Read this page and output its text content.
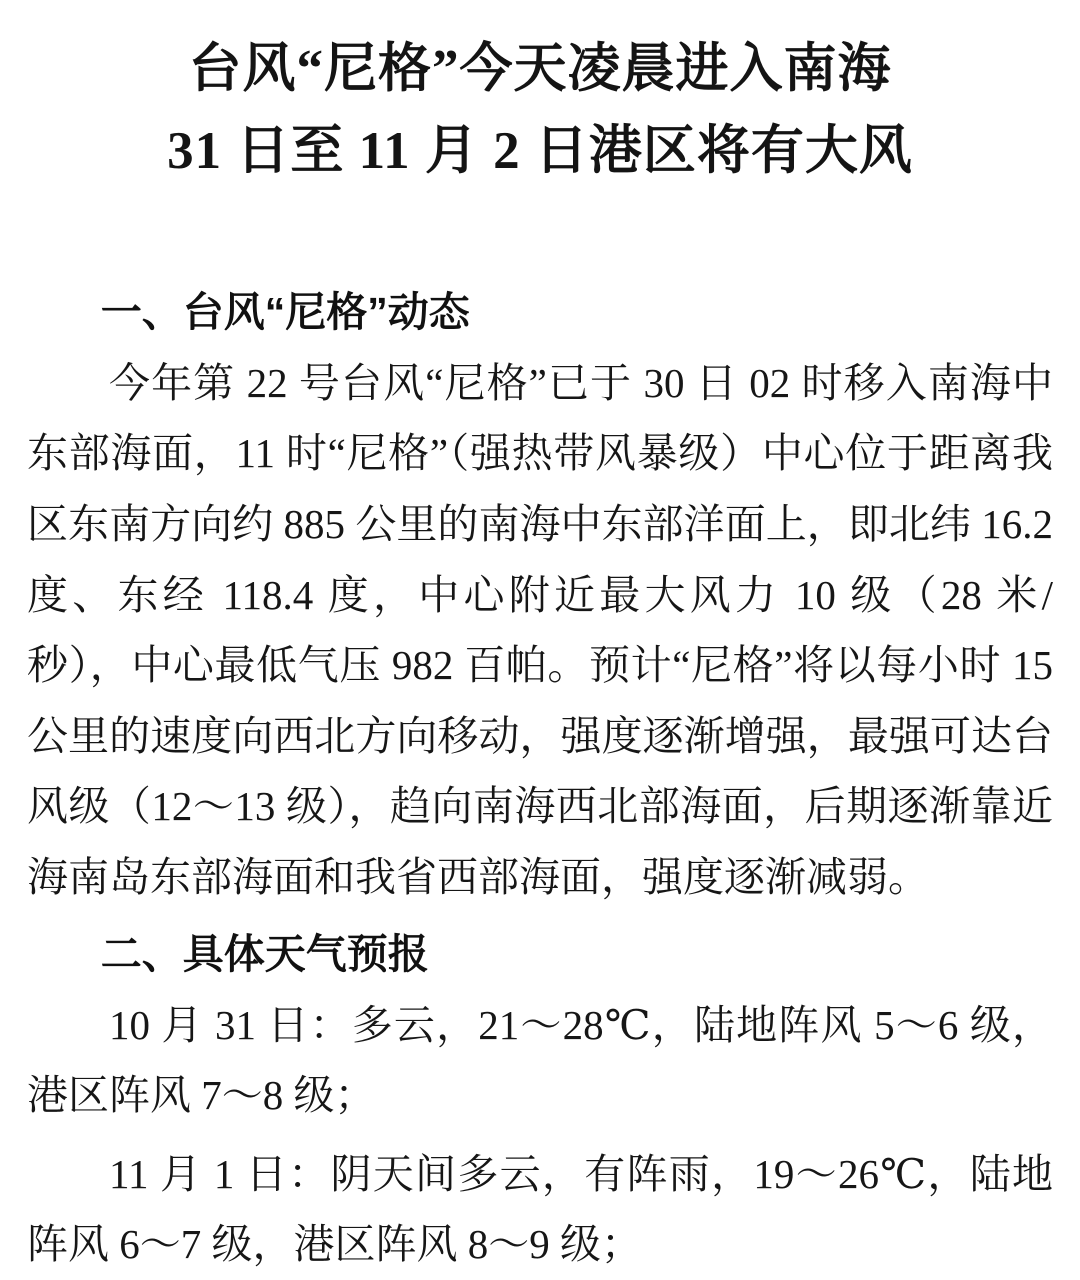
台风“尼格”今天凌晨进入南海
31 日至 11 月 2 日港区将有大风
一、台风“尼格”动态

今年第 22 号台风“尼格”已于 30 日 02 时移入南海中东部海面，11 时“尼格”（强热带风暴级）中心位于距离我区东南方向约 885 公里的南海中东部洋面上，即北纬 16.2 度、东经 118.4 度，中心附近最大风力 10 级（28 米/秒），中心最低气压 982 百帕。预计“尼格”将以每小时 15 公里的速度向西北方向移动，强度逐渐增强，最强可达台风级（12～13 级），趋向南海西北部海面，后期逐渐靠近海南岛东部海面和我省西部海面，强度逐渐减弱。

二、具体天气预报

10 月 31 日：多云，21～28℃，陆地阵风 5～6 级，港区阵风 7～8 级；

11 月 1 日：阴天间多云，有阵雨，19～26℃，陆地阵风 6～7 级，港区阵风 8～9 级；
